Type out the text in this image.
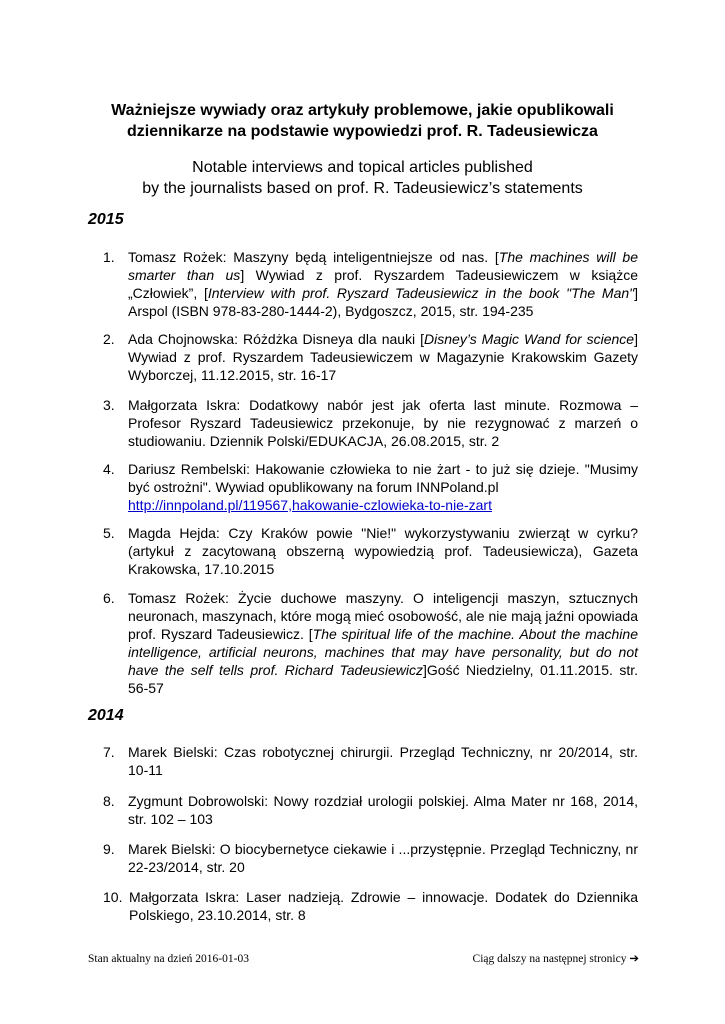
Ważniejsze wywiady oraz artykuły problemowe, jakie opublikowali
dziennikarze na podstawie wypowiedzi prof. R. Tadeusiewicza
Notable interviews and topical articles published
by the journalists based on prof. R. Tadeusiewicz’s statements
2015
1. Tomasz Rożek: Maszyny będą inteligentniejsze od nas. [The machines will be smarter than us] Wywiad z prof. Ryszardem Tadeusiewiczem w książce „Człowiek”, [Interview with prof. Ryszard Tadeusiewicz in the book "The Man"] Arspol (ISBN 978-83-280-1444-2), Bydgoszcz, 2015, str. 194-235
2. Ada Chojnowska: Różdżka Disneya dla nauki [Disney’s Magic Wand for science] Wywiad z prof. Ryszardem Tadeusiewiczem w Magazynie Krakowskim Gazety Wyborczej, 11.12.2015, str. 16-17
3. Małgorzata Iskra: Dodatkowy nabór jest jak oferta last minute. Rozmowa – Profesor Ryszard Tadeusiewicz przekonuje, by nie rezygnować z marzeń o studiowaniu. Dziennik Polski/EDUKACJA, 26.08.2015, str. 2
4. Dariusz Rembelski: Hakowanie człowieka to nie żart - to już się dzieje. "Musimy być ostrożni". Wywiad opublikowany na forum INNPoland.pl
http://innpoland.pl/119567,hakowanie-czlowieka-to-nie-zart
5. Magda Hejda: Czy Kraków powie "Nie!" wykorzystywaniu zwierząt w cyrku? (artykuł z zacytowaną obszerną wypowiedzią prof. Tadeusiewicza), Gazeta Krakowska, 17.10.2015
6. Tomasz Rożek: Życie duchowe maszyny. O inteligencji maszyn, sztucznych neuronach, maszynach, które mogą mieć osobowość, ale nie mają jaźni opowiada prof. Ryszard Tadeusiewicz. [The spiritual life of the machine. About the machine intelligence, artificial neurons, machines that may have personality, but do not have the self tells prof. Richard Tadeusiewicz]Gość Niedzielny, 01.11.2015. str. 56-57
2014
7. Marek Bielski: Czas robotycznej chirurgii. Przegląd Techniczny, nr 20/2014, str. 10-11
8. Zygmunt Dobrowolski: Nowy rozdział urologii polskiej. Alma Mater nr 168, 2014, str. 102 – 103
9. Marek Bielski: O biocybernetyce ciekawie i ...przystępnie. Przegląd Techniczny, nr 22-23/2014, str. 20
10. Małgorzata Iskra: Laser nadzieją. Zdrowie – innowacje. Dodatek do Dziennika Polskiego, 23.10.2014, str. 8
Stan aktualny na dzień 2016-01-03	Ciąg dalszy na następnej stronicy ➔
